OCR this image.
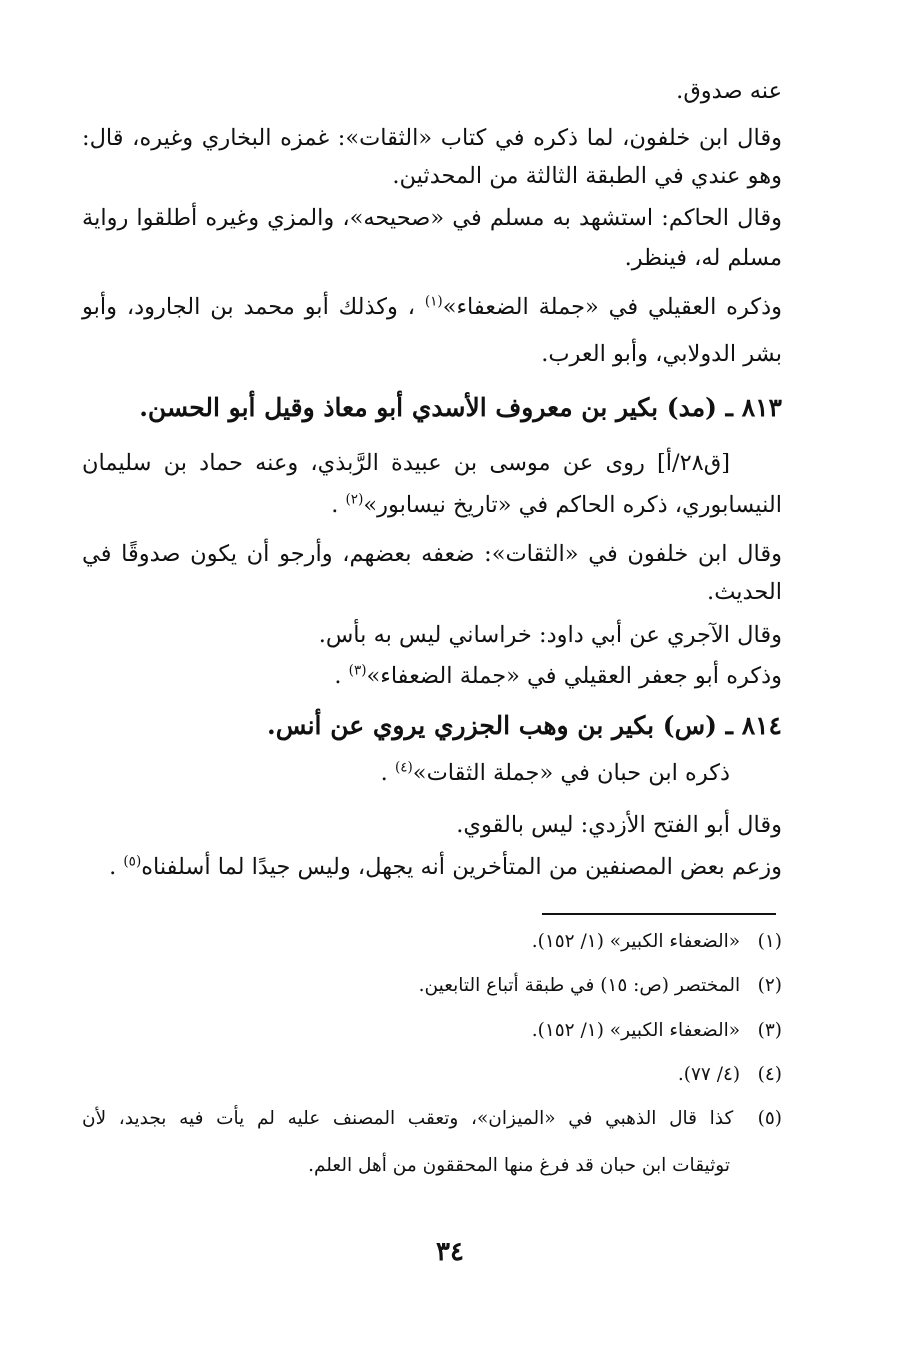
عنه صدوق.
وقال ابن خلفون، لما ذكره في كتاب «الثقات»: غمزه البخاري وغيره، قال:
وهو عندي في الطبقة الثالثة من المحدثين.
وقال الحاكم: استشهد به مسلم في «صحيحه»، والمزي وغيره أطلقوا رواية
مسلم له، فينظر.
وذكره العقيلي في «جملة الضعفاء»$^{(١)}$ ، وكذلك أبو محمد بن الجارود، وأبو
بشر الدولابي، وأبو العرب.
٨١٣ ـ (مد) بكير بن معروف الأسدي أبو معاذ وقيل أبو الحسن.
[ق٢٨/أ] روى عن موسى بن عبيدة الرَّبذي، وعنه حماد بن سليمان
النيسابوري، ذكره الحاكم في «تاريخ نيسابور»$^{(٢)}$ .
وقال ابن خلفون في «الثقات»: ضعفه بعضهم، وأرجو أن يكون صدوقًا في
الحديث.
وقال الآجري عن أبي داود: خراساني ليس به بأس.
وذكره أبو جعفر العقيلي في «جملة الضعفاء»$^{(٣)}$ .
٨١٤ ـ (س) بكير بن وهب الجزري يروي عن أنس.
ذكره ابن حبان في «جملة الثقات»$^{(٤)}$ .
وقال أبو الفتح الأزدي: ليس بالقوي.
وزعم بعض المصنفين من المتأخرين أنه يجهل، وليس جيدًا لما أسلفناه$^{(٥)}$ .
(١) «الضعفاء الكبير» (١/ ١٥٢).
(٢) المختصر (ص: ١٥) في طبقة أتباع التابعين.
(٣) «الضعفاء الكبير» (١/ ١٥٢).
(٤) (٤/ ٧٧).
(٥) كذا قال الذهبي في «الميزان»، وتعقب المصنف عليه لم يأت فيه بجديد، لأن
توثيقات ابن حبان قد فرغ منها المحققون من أهل العلم.
٣٤
